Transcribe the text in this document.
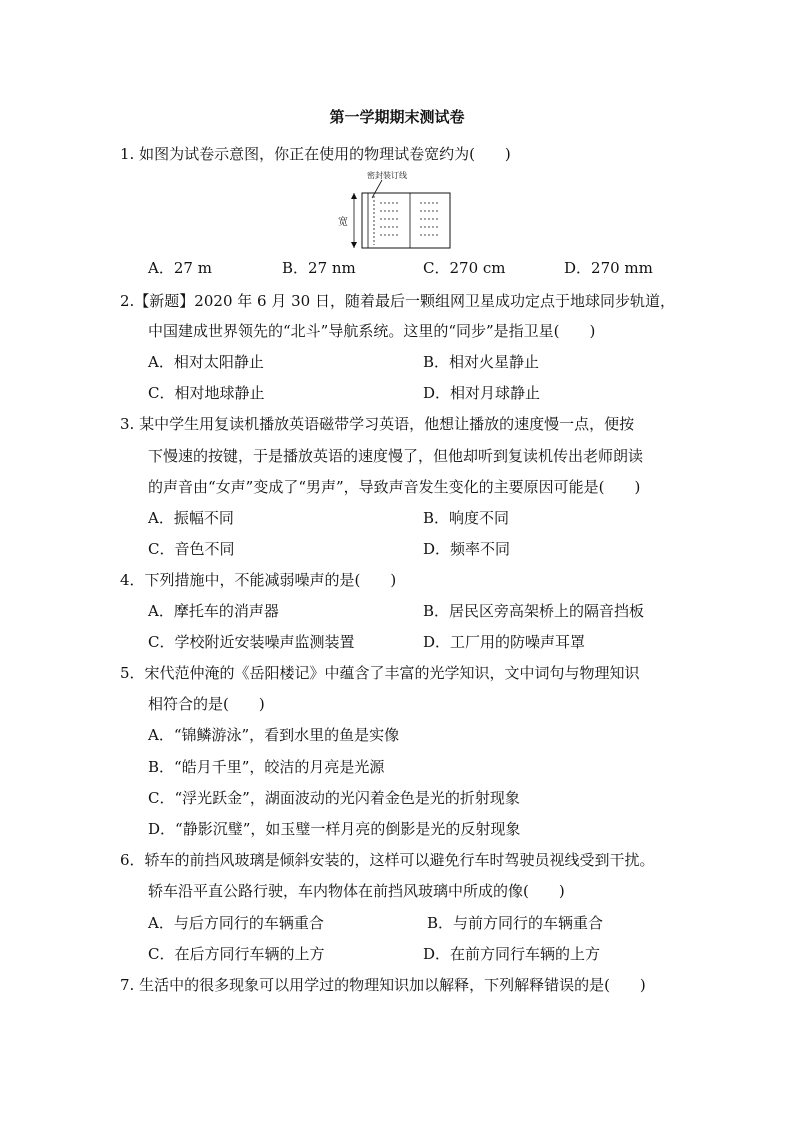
第一学期期末测试卷
1. 如图为试卷示意图，你正在使用的物理试卷宽约为(　　)
密封装订线
宽
A．27 m	B．27 nm	C．270 cm	D．270 mm
2.【新题】2020 年 6 月 30 日，随着最后一颗组网卫星成功定点于地球同步轨道，
中国建成世界领先的“北斗”导航系统。这里的“同步”是指卫星(　　)
A．相对太阳静止	B．相对火星静止
C．相对地球静止	D．相对月球静止
3. 某中学生用复读机播放英语磁带学习英语，他想让播放的速度慢一点，便按
下慢速的按键，于是播放英语的速度慢了，但他却听到复读机传出老师朗读
的声音由“女声”变成了“男声”，导致声音发生变化的主要原因可能是(　　)
A．振幅不同	B．响度不同
C．音色不同	D．频率不同
4．下列措施中，不能减弱噪声的是(　　)
A．摩托车的消声器	B．居民区旁高架桥上的隔音挡板
C．学校附近安装噪声监测装置	D．工厂用的防噪声耳罩
5．宋代范仲淹的《岳阳楼记》中蕴含了丰富的光学知识，文中词句与物理知识
相符合的是(　　)
A．“锦鳞游泳”，看到水里的鱼是实像
B．“皓月千里”，皎洁的月亮是光源
C．“浮光跃金”，湖面波动的光闪着金色是光的折射现象
D．“静影沉璧”，如玉璧一样月亮的倒影是光的反射现象
6．轿车的前挡风玻璃是倾斜安装的，这样可以避免行车时驾驶员视线受到干扰。
轿车沿平直公路行驶，车内物体在前挡风玻璃中所成的像(　　)
A．与后方同行的车辆重合	B．与前方同行的车辆重合
C．在后方同行车辆的上方	D．在前方同行车辆的上方
7. 生活中的很多现象可以用学过的物理知识加以解释，下列解释错误的是(　　)
